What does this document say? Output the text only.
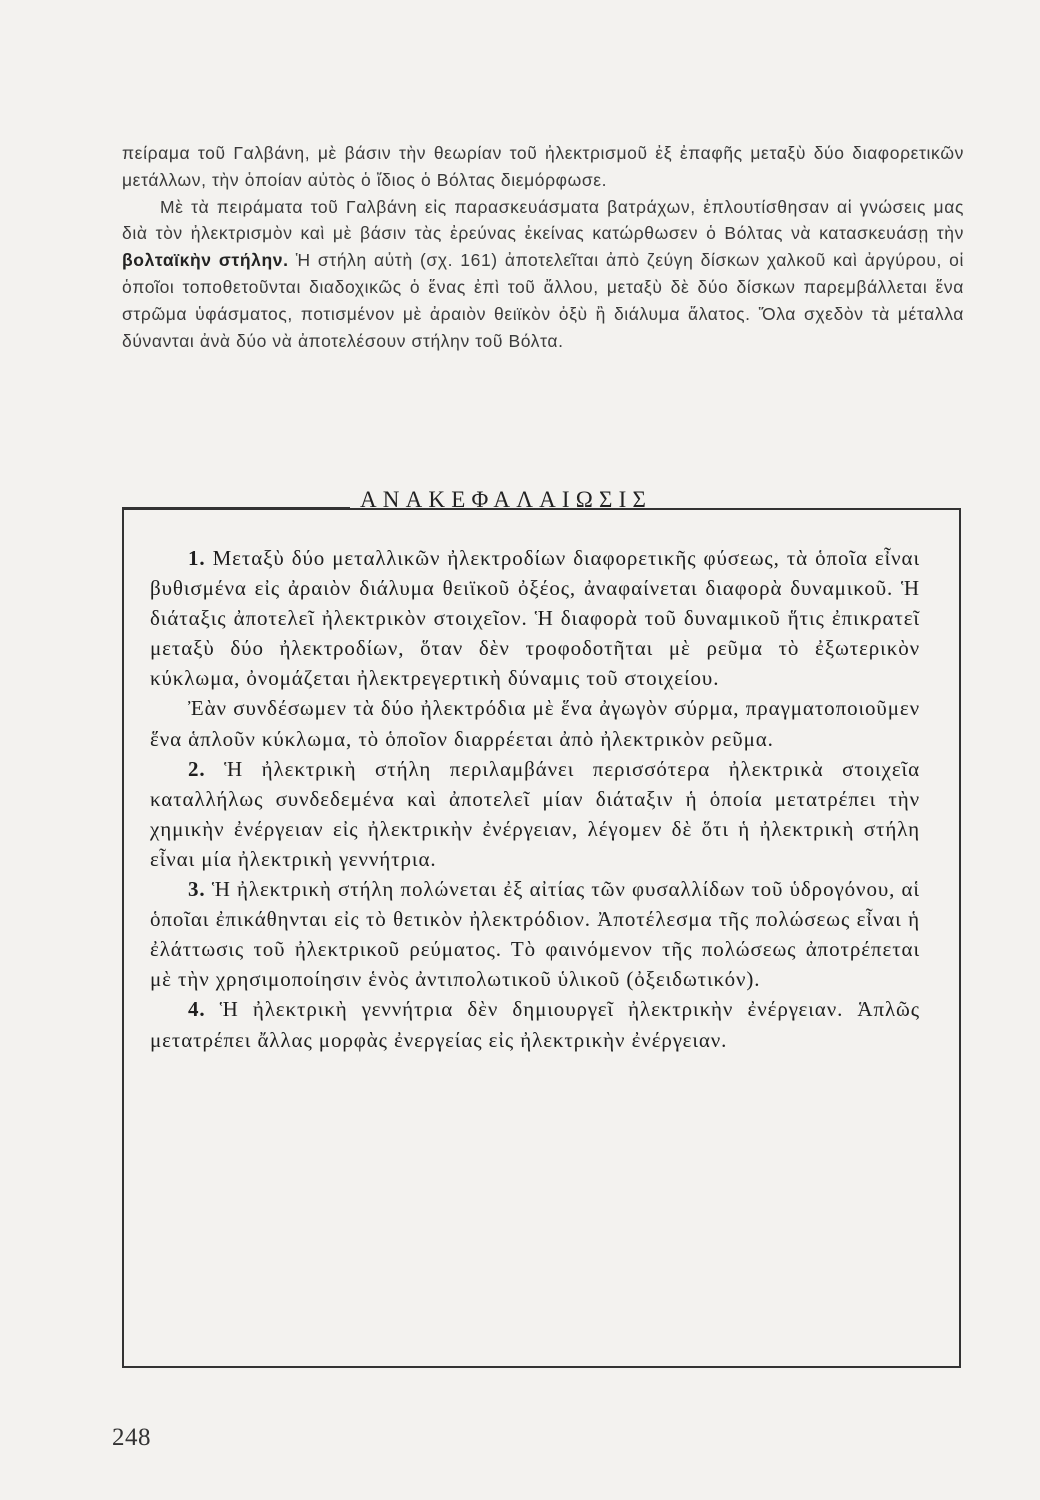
πείραμα τοῦ Γαλβάνη, μὲ βάσιν τὴν θεωρίαν τοῦ ἠλεκτρισμοῦ ἐξ ἐπαφῆς μεταξὺ δύο διαφορετικῶν μετάλλων, τὴν ὁποίαν αὐτὸς ὁ ἴδιος ὁ Βόλτας διεμόρφωσε.

Μὲ τὰ πειράματα τοῦ Γαλβάνη εἰς παρασκευάσματα βατράχων, ἐπλουτίσθησαν αἱ γνώσεις μας διὰ τὸν ἠλεκτρισμὸν καὶ μὲ βάσιν τὰς ἐρεύνας ἐκείνας κατώρθωσεν ὁ Βόλτας νὰ κατασκευάσῃ τὴν βολταϊκὴν στήλην. Ἡ στήλη αὐτὴ (σχ. 161) ἀποτελεῖται ἀπὸ ζεύγη δίσκων χαλκοῦ καὶ ἀργύρου, οἱ ὁποῖοι τοποθετοῦνται διαδοχικῶς ὁ ἕνας ἐπὶ τοῦ ἄλλου, μεταξὺ δὲ δύο δίσκων παρεμβάλλεται ἕνα στρῶμα ὑφάσματος, ποτισμένον μὲ ἀραιὸν θειϊκὸν ὀξὺ ἢ διάλυμα ἅλατος. Ὅλα σχεδὸν τὰ μέταλλα δύνανται ἀνὰ δύο νὰ ἀποτελέσουν στήλην τοῦ Βόλτα.

ΑΝΑΚΕΦΑΛΑΙΩΣΙΣ

1. Μεταξὺ δύο μεταλλικῶν ἠλεκτροδίων διαφορετικῆς φύσεως, τὰ ὁποῖα εἶναι βυθισμένα εἰς ἀραιὸν διάλυμα θειϊκοῦ ὀξέος, ἀναφαίνεται διαφορὰ δυναμικοῦ. Ἡ διάταξις ἀποτελεῖ ἠλεκτρικὸν στοιχεῖον. Ἡ διαφορὰ τοῦ δυναμικοῦ ἥτις ἐπικρατεῖ μεταξὺ δύο ἠλεκτροδίων, ὅταν δὲν τροφοδοτῆται μὲ ρεῦμα τὸ ἐξωτερικὸν κύκλωμα, ὀνομάζεται ἠλεκτρεγερτικὴ δύναμις τοῦ στοιχείου.

Ἐὰν συνδέσωμεν τὰ δύο ἠλεκτρόδια μὲ ἕνα ἀγωγὸν σύρμα, πραγματοποιοῦμεν ἕνα ἁπλοῦν κύκλωμα, τὸ ὁποῖον διαρρέεται ἀπὸ ἠλεκτρικὸν ρεῦμα.

2. Ἡ ἠλεκτρικὴ στήλη περιλαμβάνει περισσότερα ἠλεκτρικὰ στοιχεῖα καταλλήλως συνδεδεμένα καὶ ἀποτελεῖ μίαν διάταξιν ἡ ὁποία μετατρέπει τὴν χημικὴν ἐνέργειαν εἰς ἠλεκτρικὴν ἐνέργειαν, λέγομεν δὲ ὅτι ἡ ἠλεκτρικὴ στήλη εἶναι μία ἠλεκτρικὴ γεννήτρια.

3. Ἡ ἠλεκτρικὴ στήλη πολώνεται ἐξ αἰτίας τῶν φυσαλλίδων τοῦ ὑδρογόνου, αἱ ὁποῖαι ἐπικάθηνται εἰς τὸ θετικὸν ἠλεκτρόδιον. Ἀποτέλεσμα τῆς πολώσεως εἶναι ἡ ἐλάττωσις τοῦ ἠλεκτρικοῦ ρεύματος. Τὸ φαινόμενον τῆς πολώσεως ἀποτρέπεται μὲ τὴν χρησιμοποίησιν ἑνὸς ἀντιπολωτικοῦ ὑλικοῦ (ὀξειδωτικόν).

4. Ἡ ἠλεκτρικὴ γεννήτρια δὲν δημιουργεῖ ἠλεκτρικὴν ἐνέργειαν. Ἁπλῶς μετατρέπει ἄλλας μορφὰς ἐνεργείας εἰς ἠλεκτρικὴν ἐνέργειαν.

248
